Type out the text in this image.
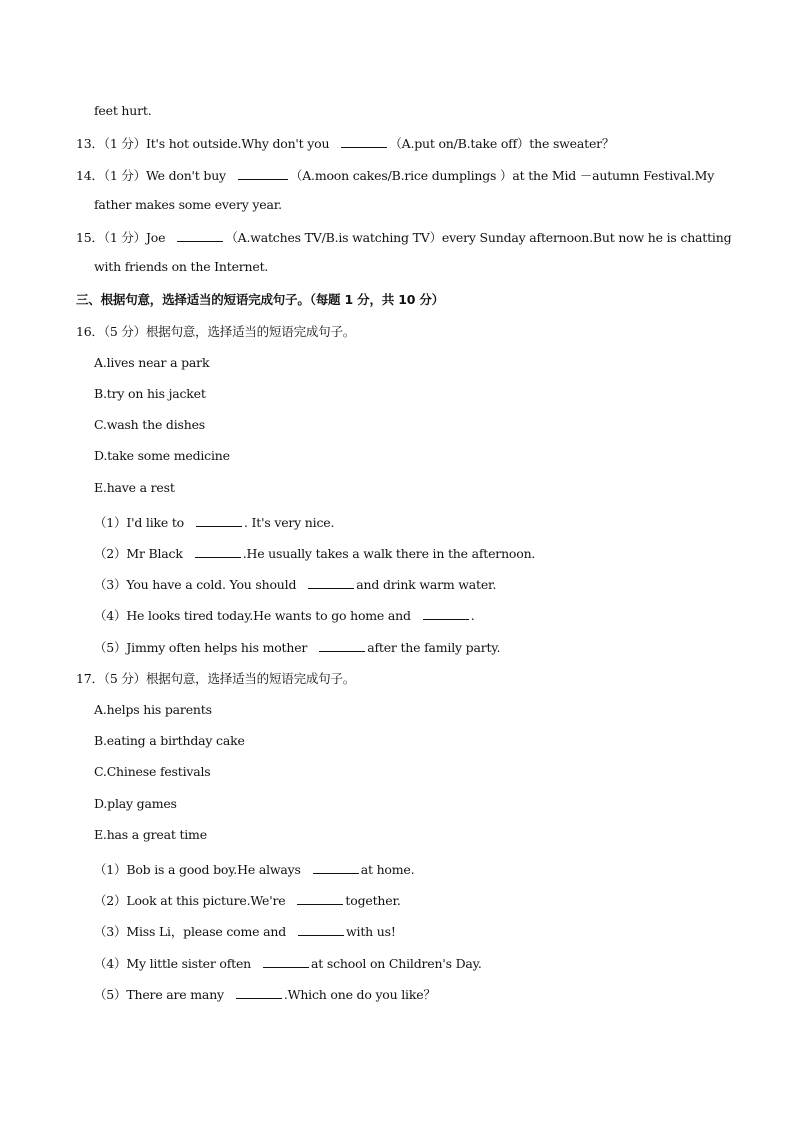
feet hurt.
13．（1 分）It's hot outside.Why don't you	（A.put on/B.take off）the sweater？
14．（1 分）We don't buy	（A.moon cakes/B.rice dumplings ）at the Mid －autumn Festival.My
father makes some every year.
15．（1 分）Joe	（A.watches TV/B.is watching TV）every Sunday afternoon.But now he is chatting
with friends on the Internet.
三、根据句意，选择适当的短语完成句子。（每题 1 分，共 10 分）
16．（5 分）根据句意，选择适当的短语完成句子。
A.lives near a park
B.try on his jacket
C.wash the dishes
D.take some medicine
E.have a rest
（1）I'd like to	. It's very nice.
（2）Mr Black	.He usually takes a walk there in the afternoon.
（3）You have a cold. You should	and drink warm water.
（4）He looks tired today.He wants to go home and	.
（5）Jimmy often helps his mother	after the family party.
17．（5 分）根据句意，选择适当的短语完成句子。
A.helps his parents
B.eating a birthday cake
C.Chinese festivals
D.play games
E.has a great time
（1）Bob is a good boy.He always	at home.
（2）Look at this picture.We're	together.
（3）Miss Li，please come and	with us!
（4）My little sister often	at school on Children's Day.
（5）There are many	.Which one do you like？
